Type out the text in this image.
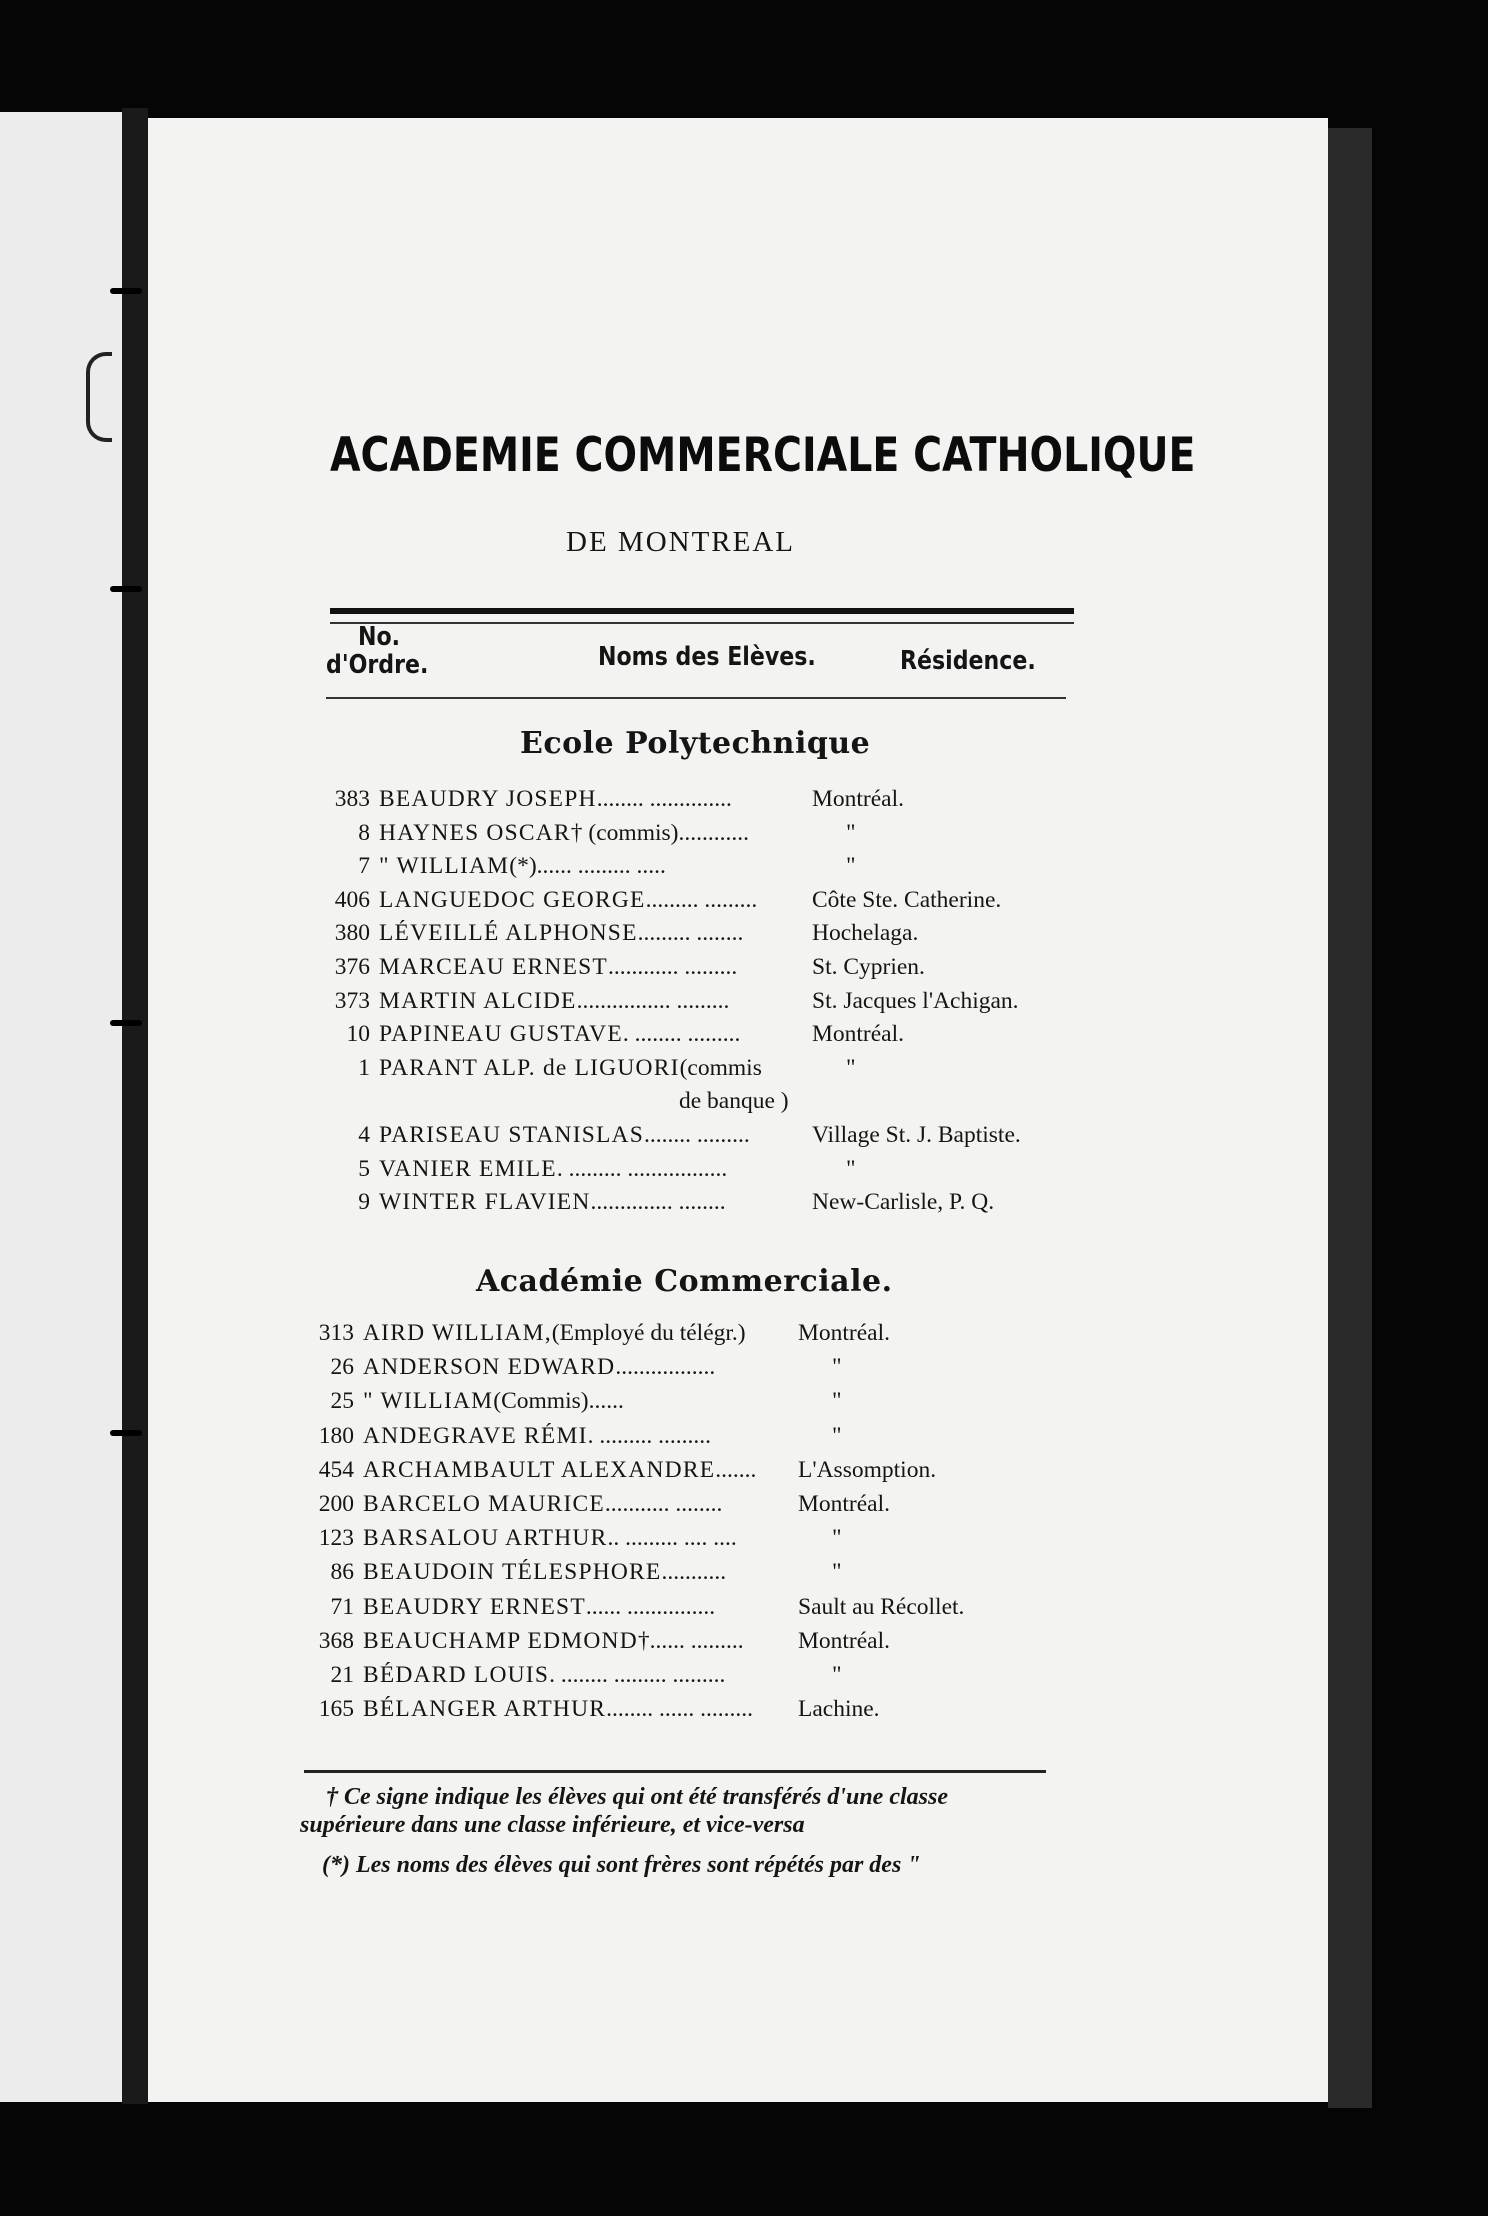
ACADEMIE COMMERCIALE CATHOLIQUE
DE MONTREAL
No.
d'Ordre.	Noms des Elèves.	Résidence.
Ecole Polytechnique
Académie Commerciale.
383 BEAUDRY JOSEPH ........ ..............	Montréal.
8 HAYNES OSCAR † (commis) ............	"
7 " WILLIAM (*) ...... ......... .....	"
406 LANGUEDOC GEORGE ......... ......... Côte Ste. Catherine.
380 LÉVEILLÉ ALPHONSE ......... ........	Hochelaga.
376 MARCEAU ERNEST ............ .........	St. Cyprien.
373 MARTIN ALCIDE ................ .........	St. Jacques l'Achigan.
10 PAPINEAU GUSTAVE . ........ .........	Montréal.
1 PARANT ALP. de LIGUORI (commis	"
de banque )
4 PARISEAU STANISLAS ........ .........	Village St. J. Baptiste.
5 VANIER EMILE . ......... .................	"
9 WINTER FLAVIEN .............. ........	New-Carlisle, P. Q.
313 AIRD WILLIAM, (Employé du télégr.) Montréal.
26 ANDERSON EDWARD .................	"
25 " WILLIAM (Commis) ......	"
180 ANDEGRAVE RÉMI . ......... .........	"
454 ARCHAMBAULT ALEXANDRE ....... L'Assomption.
200 BARCELO MAURICE ........... ........	Montréal.
123 BARSALOU ARTHUR .. ......... .... ....	"
86 BEAUDOIN TÉLESPHORE ...........	"
71 BEAUDRY ERNEST ...... ...............	Sault au Récollet.
368 BEAUCHAMP EDMOND † ...... ......... Montréal.
21 BÉDARD LOUIS . ........ ......... .........	"
165 BÉLANGER ARTHUR ........ ...... ......... Lachine.
† Ce signe indique les élèves qui ont été transférés d'une classe
supérieure dans une classe inférieure, et vice-versa
(*) Les noms des élèves qui sont frères sont répétés par des "
